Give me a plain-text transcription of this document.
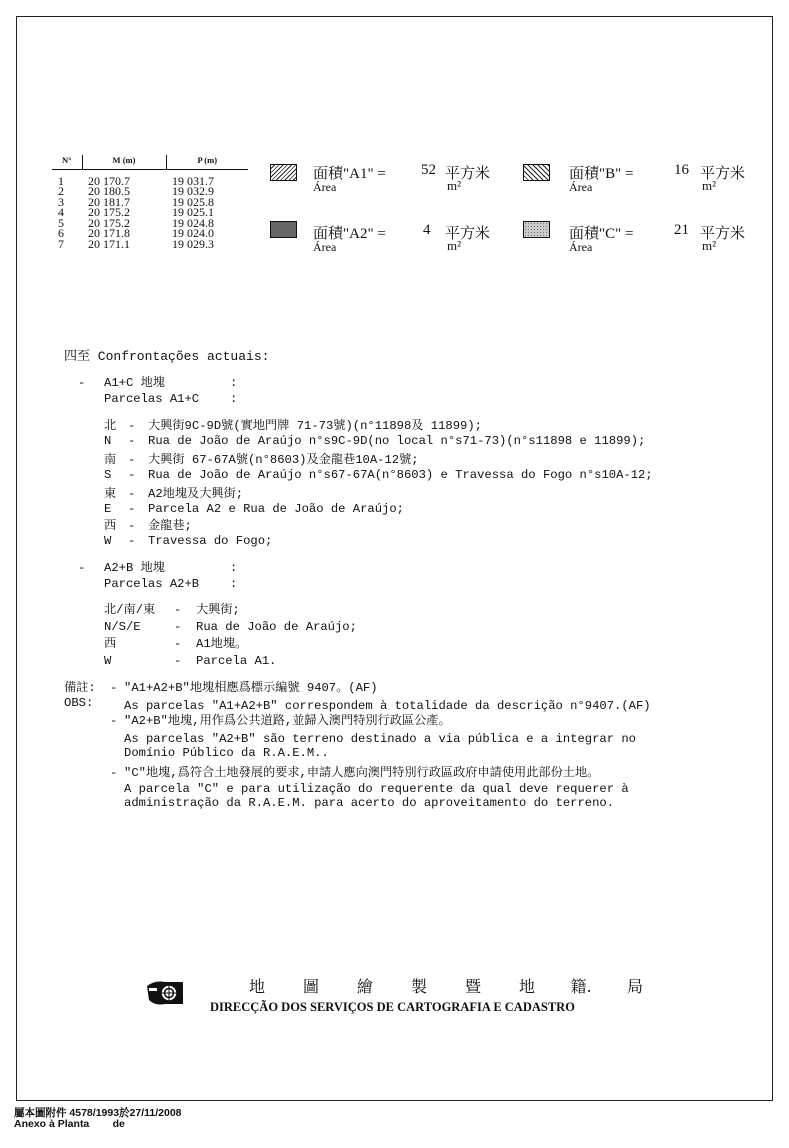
N°	M (m)	P (m)
1	20 170.7	19 031.7
2	20 180.5	19 032.9
3	20 181.7	19 025.8
4	20 175.2	19 025.1
5	20 175.2	19 024.8
6	20 171.8	19 024.0
7	20 171.1	19 029.3
面積"A1" = 52 平方米
Área	m²
面積"B" =	16 平方米
Área	m²
面積"A2" = 4 平方米
Área	m²
面積"C" =	21 平方米
Área	m²
四至 Confrontações actuais:
- A1+C 地塊	:
Parcelas A1+C	:
北 - 大興街9C-9D號(實地門牌 71-73號)(n°11898及 11899);
N - Rua de João de Araújo n°s9C-9D(no local n°s71-73)(n°s11898 e 11899);
南 - 大興街 67-67A號(n°8603)及金龍巷10A-12號;
S - Rua de João de Araújo n°s67-67A(n°8603) e Travessa do Fogo n°s10A-12;
東 - A2地塊及大興街;
E - Parcela A2 e Rua de João de Araújo;
西 - 金龍巷;
W - Travessa do Fogo;
- A2+B 地塊	:
Parcelas A2+B	:
北/南/東 - 大興街;
N/S/E	- Rua de João de Araújo;
西	- A1地塊。
W	- Parcela A1.
備註:
OBS:
- "A1+A2+B"地塊相應爲標示編號 9407。(AF)
As parcelas "A1+A2+B" correspondem à totalidade da descrição n°9407.(AF)
- "A2+B"地塊,用作爲公共道路,並歸入澳門特別行政區公產。
As parcelas "A2+B" são terreno destinado a via pública e a integrar no
Domínio Público da R.A.E.M..
- "C"地塊,爲符合土地發展的要求,申請人應向澳門特別行政區政府申請使用此部份土地。
A parcela "C" e para utilização do requerente da qual deve requerer à
administração da R.A.E.M. para acerto do aproveitamento do terreno.
地 圖 繪 製 暨 地 籍. 局
DIRECÇÃO DOS SERVIÇOS DE CARTOGRAFIA E CADASTRO
屬本圖附件 4578/1993於27/11/2008
Anexo à Planta        de
